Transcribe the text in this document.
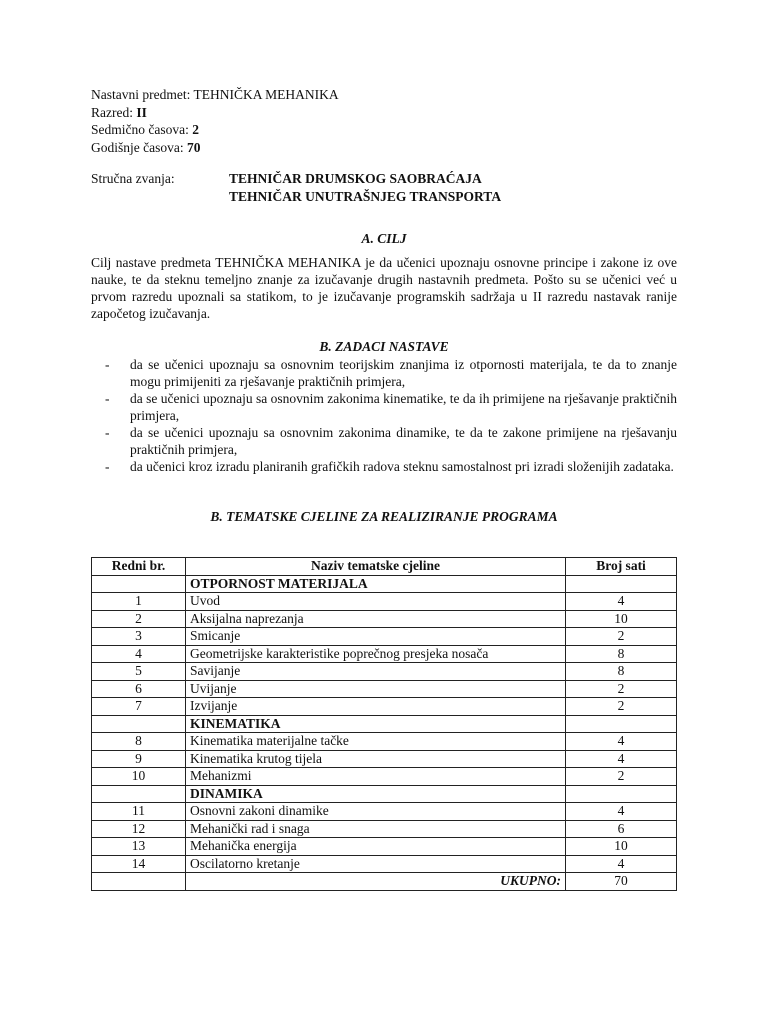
Nastavni predmet: TEHNIČKA MEHANIKA
Razred: II
Sedmično časova: 2
Godišnje časova: 70
Stručna zvanja:	TEHNIČAR DRUMSKOG SAOBRAĆAJA
TEHNIČAR UNUTRAŠNJEG TRANSPORTA
A. CILJ
Cilj nastave predmeta TEHNIČKA MEHANIKA je da učenici upoznaju osnovne principe i zakone iz ove nauke, te da steknu temeljno znanje za izučavanje drugih nastavnih predmeta. Pošto su se učenici već u prvom razredu upoznali sa statikom, to je izučavanje programskih sadržaja u II razredu nastavak ranije započetog izučavanja.
B. ZADACI NASTAVE
- da se učenici upoznaju sa osnovnim teorijskim znanjima iz otpornosti materijala, te da to znanje mogu primijeniti za rješavanje praktičnih primjera,
- da se učenici upoznaju sa osnovnim zakonima kinematike, te da ih primijene na rješavanje praktičnih primjera,
- da se učenici upoznaju sa osnovnim zakonima dinamike, te da te zakone primijene na rješavanju praktičnih primjera,
- da učenici kroz izradu planiranih grafičkih radova steknu samostalnost pri izradi složenijih zadataka.
B. TEMATSKE CJELINE ZA REALIZIRANJE PROGRAMA
Redni br.	Naziv tematske cjeline	Broj sati
	OTPORNOST MATERIJALA	
1	Uvod	4
2	Aksijalna naprezanja	10
3	Smicanje	2
4	Geometrijske karakteristike poprečnog presjeka nosača	8
5	Savijanje	8
6	Uvijanje	2
7	Izvijanje	2
	KINEMATIKA	
8	Kinematika materijalne tačke	4
9	Kinematika krutog tijela	4
10	Mehanizmi	2
	DINAMIKA	
11	Osnovni zakoni dinamike	4
12	Mehanički rad i snaga	6
13	Mehanička energija	10
14	Oscilatorno kretanje	4
	UKUPNO:	70
